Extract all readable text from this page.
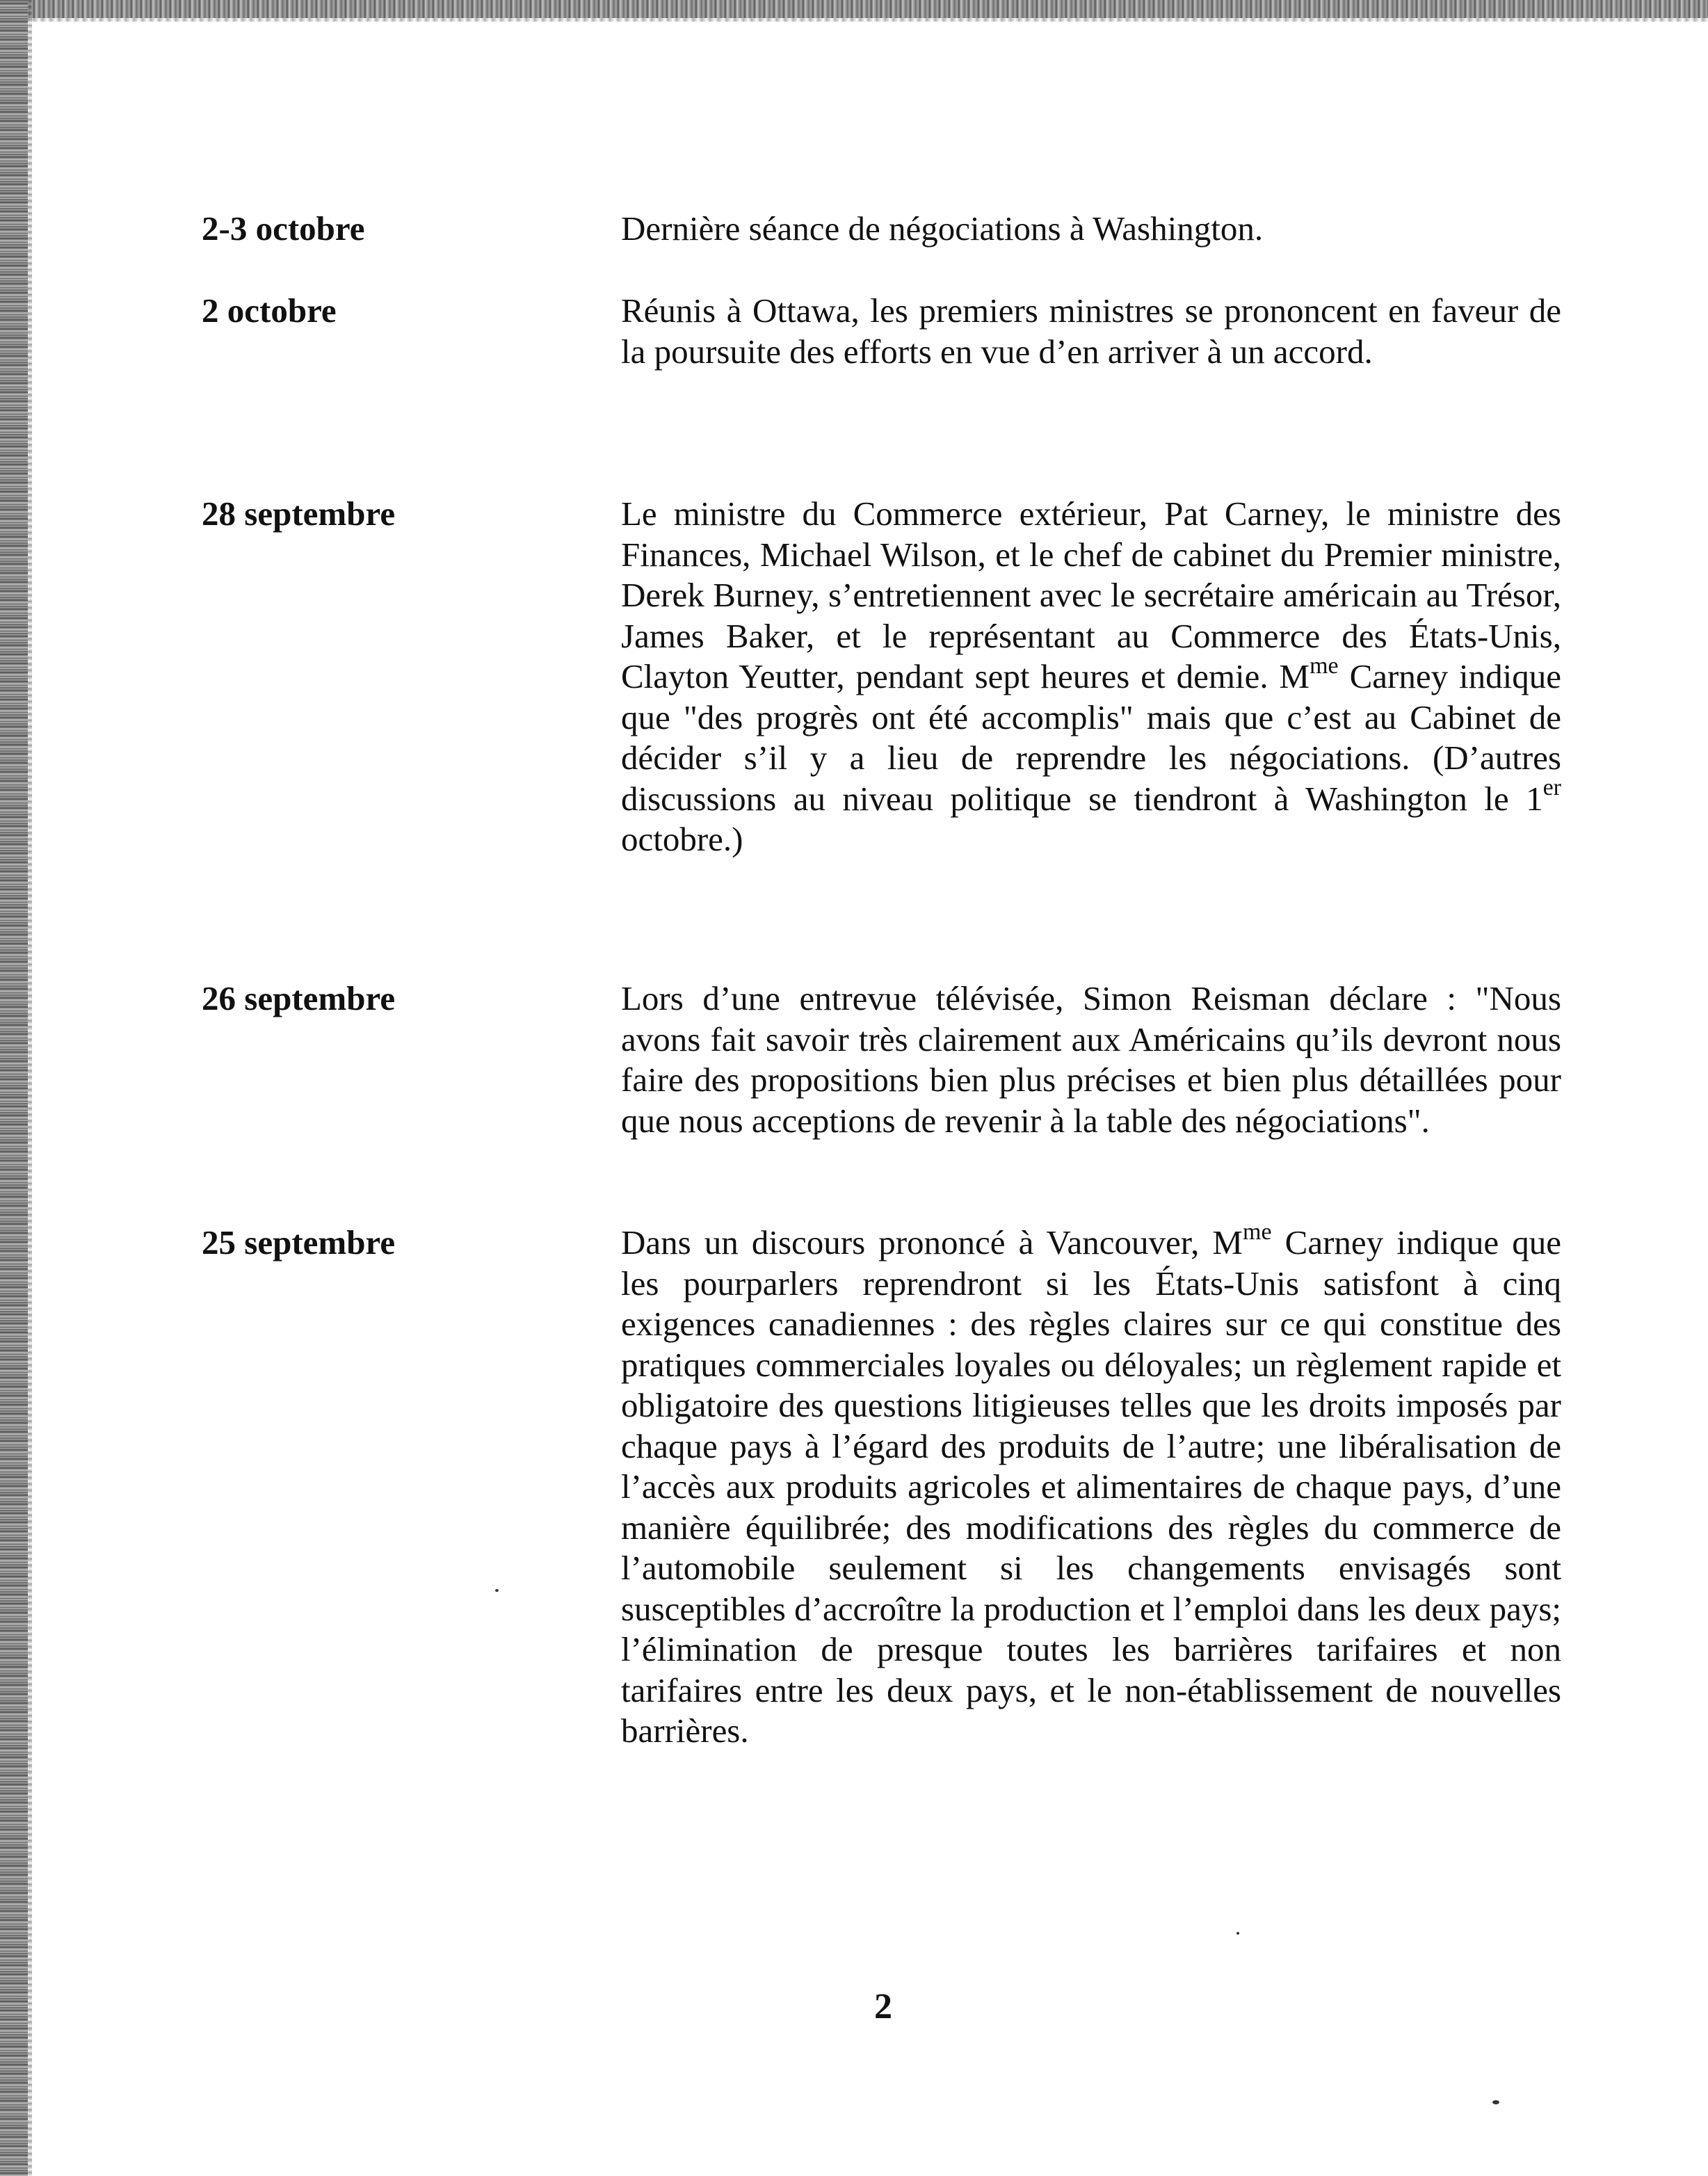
2-3 octobre	Dernière séance de négociations à Washington.
2 octobre	Réunis à Ottawa, les premiers ministres se prononcent en faveur de la poursuite des efforts en vue d’en arriver à un accord.
28 septembre	Le ministre du Commerce extérieur, Pat Carney, le ministre des Finances, Michael Wilson, et le chef de cabinet du Premier ministre, Derek Burney, s’entretiennent avec le secrétaire américain au Trésor, James Baker, et le représentant au Commerce des États-Unis, Clayton Yeutter, pendant sept heures et demie. $M^{me}$ Carney indique que "des progrès ont été accomplis" mais que c’est au Cabinet de décider s’il y a lieu de reprendre les négociations. (D’autres discussions au niveau politique se tiendront à Washington le 1er octobre.)
26 septembre	Lors d’une entrevue télévisée, Simon Reisman déclare : "Nous avons fait savoir très clairement aux Américains qu’ils devront nous faire des propositions bien plus précises et bien plus détaillées pour que nous acceptions de revenir à la table des négociations".
25 septembre	Dans un discours prononcé à Vancouver, $M^{me}$ Carney indique que les pourparlers reprendront si les États-Unis satisfont à cinq exigences canadiennes : des règles claires sur ce qui constitue des pratiques commerciales loyales ou déloyales; un règlement rapide et obligatoire des questions litigieuses telles que les droits imposés par chaque pays à l’égard des produits de l’autre; une libéralisation de l’accès aux produits agricoles et alimentaires de chaque pays, d’une manière équilibrée; des modifications des règles du commerce de l’automobile seulement si les changements envisagés sont susceptibles d’accroître la production et l’emploi dans les deux pays; l’élimination de presque toutes les barrières tarifaires et non tarifaires entre les deux pays, et le non-établissement de nouvelles barrières.
2
